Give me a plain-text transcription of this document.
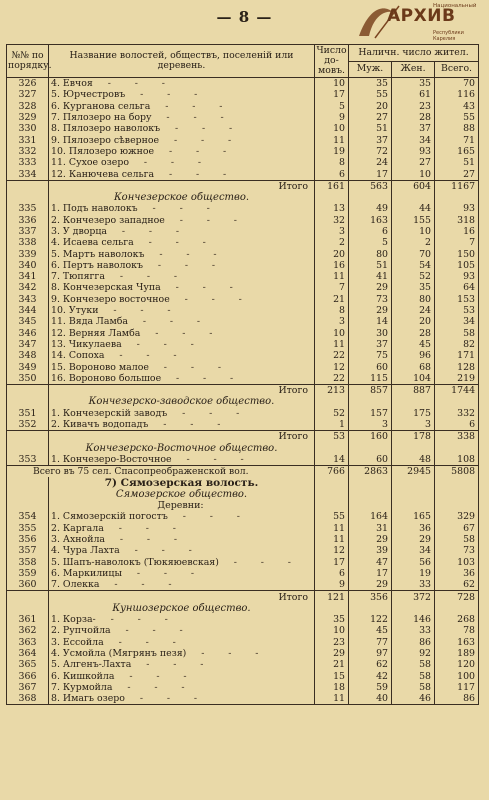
— 8 —
Национальный
АРХИВ
Республики Карелия
№№ по порядку.	Название волостей, обществъ, поселеній или деревень.	Число до-мовъ.	Наличн. число жител.		
			Муж.	Жен.	Всего.
326	4. Евчоя     -        -        -	10	35	35	70
327	5. Юрчестровъ     -        -        -	17	55	61	116
328	6. Курганова сельга     -        -        -	5	20	23	43
329	7. Пялозеро на бору     -        -        -	9	27	28	55
330	8. Пялозеро наволокъ     -        -        -	10	51	37	88
331	9. Пялозеро сѣверное     -        -        -	11	37	34	71
332	10. Пялозеро южное     -        -        -	19	72	93	165
333	11. Сухое озеро     -        -        -	8	24	27	51
334	12. Канючева сельга     -        -        -	6	17	10	27
	Итого	161	563	604	1167
	Кончезерское общество.				
335	1. Подъ наволокъ     -        -        -	13	49	44	93
336	2. Кончезеро западное     -        -        -	32	163	155	318
337	3. У дворца     -        -        -	3	6	10	16
338	4. Исаева сельга     -        -        -	2	5	2	7
339	5. Мартъ наволокъ     -        -        -	20	80	70	150
340	6. Пертъ наволокъ     -        -        -	16	51	54	105
341	7. Тюпягга     -        -        -	11	41	52	93
342	8. Кончезерская Чупа     -        -        -	7	29	35	64
343	9. Кончезеро восточное     -        -        -	21	73	80	153
344	10. Утуки     -        -        -	8	29	24	53
345	11. Вяда Ламба     -        -        -	3	14	20	34
346	12. Верняя Ламба     -        -        -	10	30	28	58
347	13. Чикулаева     -        -        -	11	37	45	82
348	14. Сопоха     -        -        -	22	75	96	171
349	15. Вороново малое     -        -        -	12	60	68	128
350	16. Вороново большое     -        -        -	22	115	104	219
	Итого	213	857	887	1744
	Кончезерско-заводское общество.				
351	1. Кончезерскій заводъ     -        -        -	52	157	175	332
352	2. Кивачъ водопадъ     -        -        -	1	3	3	6
	Итого	53	160	178	338
	Кончезерско-Восточное общество.				
353	1. Кончезеро-Восточное     -        -        -	14	60	48	108
Всего въ 75 сел. Спасопреображенской вол.		766	2863	2945	5808
	7) Сямозерская волость.				
	Сямозерское общество.				
	Деревни:				
354	1. Сямозерскій погостъ     -        -        -	55	164	165	329
355	2. Каргала     -        -        -	11	31	36	67
356	3. Ахнойла     -        -        -	11	29	29	58
357	4. Чура Лахта     -        -        -	12	39	34	73
358	5. Шапъ-наволокъ (Тюкяюевская)     -        -        -	17	47	56	103
359	6. Маркилицы     -        -        -	6	17	19	36
360	7. Олекка     -        -        -	9	29	33	62
	Итого	121	356	372	728
	Куншозерское общество.				
361	1. Корза-     -        -        -	35	122	146	268
362	2. Рупчойла     -        -        -	10	45	33	78
363	3. Ессойла     -        -        -	23	77	86	163
364	4. Усмойла (Мягрянъ пезя)     -        -        -	29	97	92	189
365	5. Алгенъ-Лахта     -        -        -	21	62	58	120
366	6. Кишкойла     -        -        -	15	42	58	100
367	7. Курмойла     -        -        -	18	59	58	117
368	8. Имагь озеро     -        -        -	11	40	46	86
